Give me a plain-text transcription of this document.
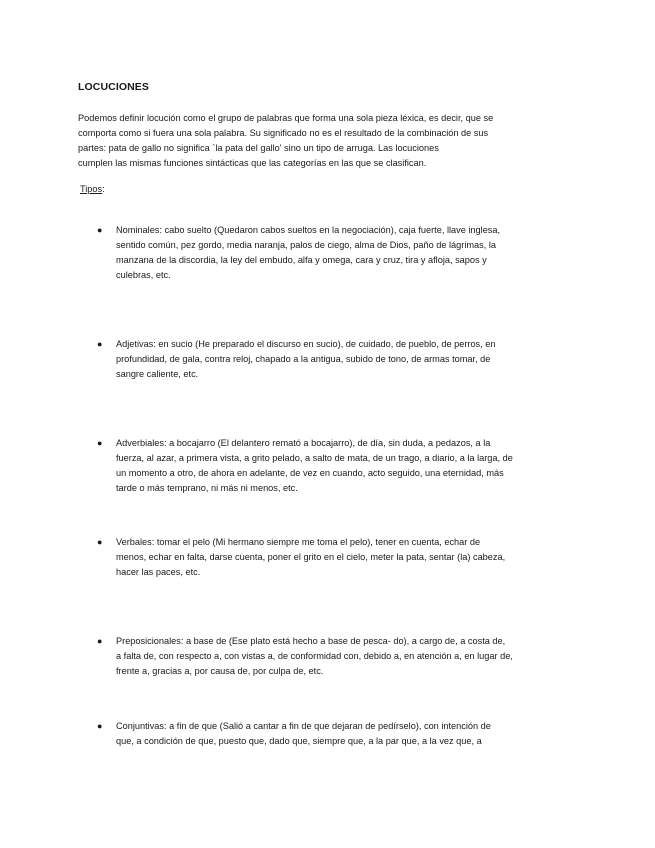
LOCUCIONES
Podemos definir locución como el grupo de palabras que forma una sola pieza léxica, es decir, que se
comporta como si fuera una sola palabra. Su significado no es el resultado de la combinación de sus
partes: pata de gallo no significa `la pata del gallo' sino un tipo de arruga. Las locuciones
cumplen las mismas funciones sintácticas que las categorías en las que se clasifican.
Tipos:
●	Nominales: cabo suelto (Quedaron cabos sueltos en la negociación), caja fuerte, llave inglesa,
sentido común, pez gordo, media naranja, palos de ciego, alma de Dios, paño de lágrimas, la
manzana de la discordia, la ley del embudo, alfa y omega, cara y cruz, tira y afloja, sapos y
culebras, etc.
●	Adjetivas: en sucio (He preparado el discurso en sucio), de cuidado, de pueblo, de perros, en
profundidad, de gala, contra reloj, chapado a la antigua, subido de tono, de armas tomar, de
sangre caliente, etc.
●	Adverbiales: a bocajarro (El delantero remató a bocajarro), de día, sin duda, a pedazos, a la
fuerza, al azar, a primera vista, a grito pelado, a salto de mata, de un trago, a diario, a la larga, de
un momento a otro, de ahora en adelante, de vez en cuando, acto seguido, una eternidad, más
tarde o más temprano, ni más ni menos, etc.
●	Verbales: tomar el pelo (Mi hermano siempre me toma el pelo), tener en cuenta, echar de
menos, echar en falta, darse cuenta, poner el grito en el cielo, meter la pata, sentar (la) cabeza,
hacer las paces, etc.
●	Preposicionales: a base de (Ese plato está hecho a base de pesca- do), a cargo de, a costa de,
a falta de, con respecto a, con vistas a, de conformidad con, debido a, en atención a, en lugar de,
frente a, gracias a, por causa de, por culpa de, etc.
●	Conjuntivas: a fin de que (Salió a cantar a fin de que dejaran de pedírselo), con intención de
que, a condición de que, puesto que, dado que, siempre que, a la par que, a la vez que, a
